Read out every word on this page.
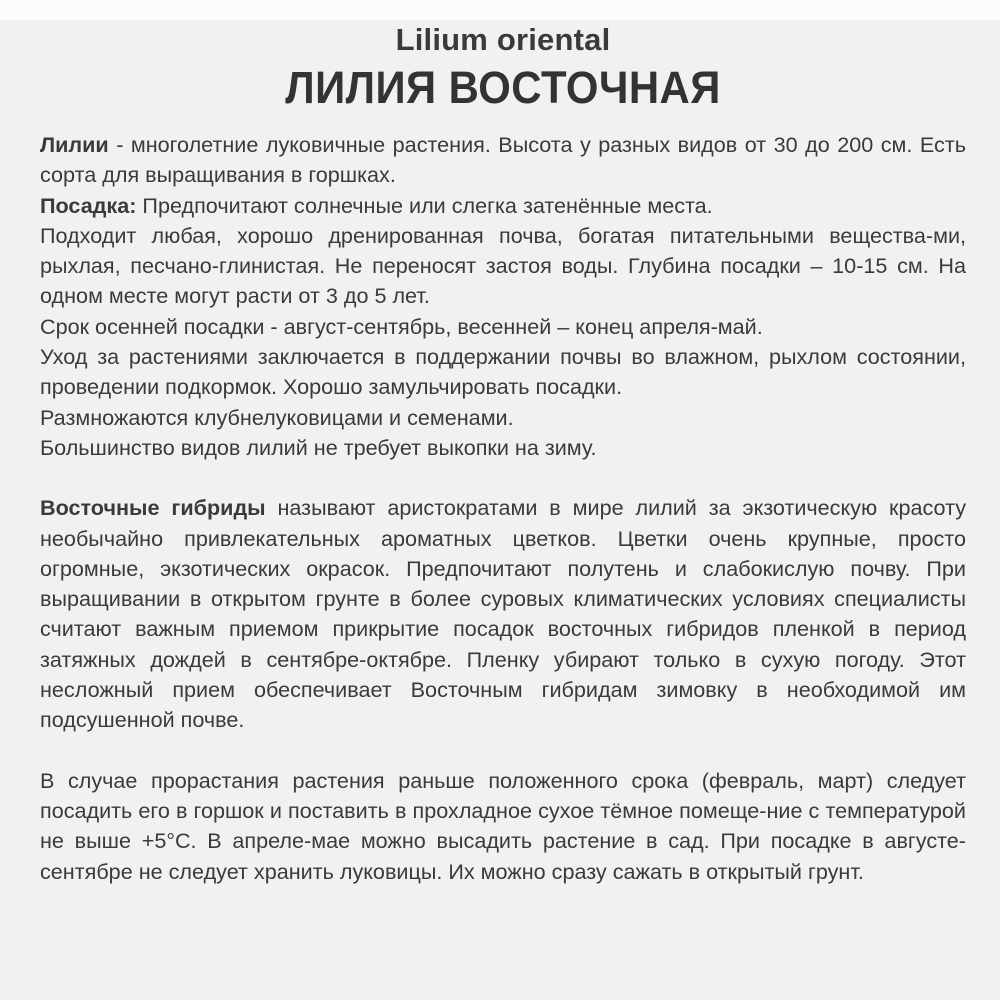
Lilium oriental
ЛИЛИЯ ВОСТОЧНАЯ

Лилии - многолетние луковичные растения. Высота у разных видов от 30 до 200 см. Есть сорта для выращивания в горшках.

Посадка: Предпочитают солнечные или слегка затенённые места.

Подходит любая, хорошо дренированная почва, богатая питательными вещества-ми, рыхлая, песчано-глинистая. Не переносят застоя воды. Глубина посадки – 10-15 см. На одном месте могут расти от 3 до 5 лет.

Срок осенней посадки - август-сентябрь, весенней – конец апреля-май.

Уход за растениями заключается в поддержании почвы во влажном, рыхлом состоянии, проведении подкормок. Хорошо замульчировать посадки.

Размножаются клубнелуковицами и семенами.

Большинство видов лилий не требует выкопки на зиму.

Восточные гибриды называют аристократами в мире лилий за экзотическую красоту необычайно привлекательных ароматных цветков. Цветки очень крупные, просто огромные, экзотических окрасок. Предпочитают полутень и слабокислую почву. При выращивании в открытом грунте в более суровых климатических условиях специалисты считают важным приемом прикрытие посадок восточных гибридов пленкой в период затяжных дождей в сентябре-октябре. Пленку убирают только в сухую погоду. Этот несложный прием обеспечивает Восточным гибридам зимовку в необходимой им подсушенной почве.

В случае прорастания растения раньше положенного срока (февраль, март) следует посадить его в горшок и поставить в прохладное сухое тёмное помеще-ние с температурой не выше +5°С. В апреле-мае можно высадить растение в сад. При посадке в августе-сентябре не следует хранить луковицы. Их можно сразу сажать в открытый грунт.
